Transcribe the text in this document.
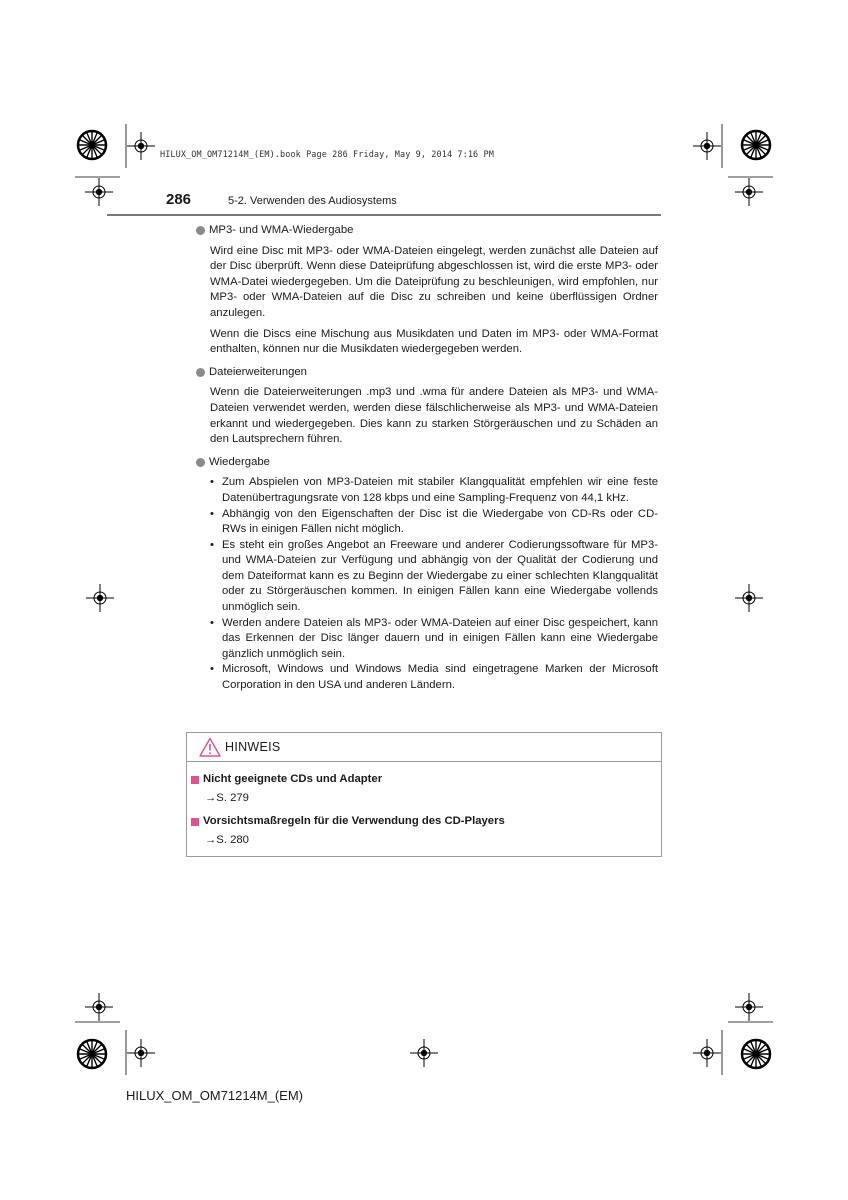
HILUX_OM_OM71214M_(EM).book Page 286 Friday, May 9, 2014 7:16 PM
286	5-2. Verwenden des Audiosystems
MP3- und WMA-Wiedergabe

Wird eine Disc mit MP3- oder WMA-Dateien eingelegt, werden zunächst alle Dateien auf der Disc überprüft. Wenn diese Dateiprüfung abgeschlossen ist, wird die erste MP3- oder WMA-Datei wiedergegeben. Um die Dateiprüfung zu beschleunigen, wird empfohlen, nur MP3- oder WMA-Dateien auf die Disc zu schreiben und keine überflüssigen Ordner anzulegen.

Wenn die Discs eine Mischung aus Musikdaten und Daten im MP3- oder WMA-Format enthalten, können nur die Musikdaten wiedergegeben werden.

Dateierweiterungen

Wenn die Dateierweiterungen .mp3 und .wma für andere Dateien als MP3- und WMA-Dateien verwendet werden, werden diese fälschlicherweise als MP3- und WMA-Dateien erkannt und wiedergegeben. Dies kann zu starken Störgeräuschen und zu Schäden an den Lautsprechern führen.

Wiedergabe
• Zum Abspielen von MP3-Dateien mit stabiler Klangqualität empfehlen wir eine feste Datenübertragungsrate von 128 kbps und eine Sampling-Frequenz von 44,1 kHz.
• Abhängig von den Eigenschaften der Disc ist die Wiedergabe von CD-Rs oder CD-RWs in einigen Fällen nicht möglich.
• Es steht ein großes Angebot an Freeware und anderer Codierungssoftware für MP3- und WMA-Dateien zur Verfügung und abhängig von der Qualität der Codierung und dem Dateiformat kann es zu Beginn der Wiedergabe zu einer schlechten Klangqualität oder zu Störgeräuschen kommen. In einigen Fällen kann eine Wiedergabe vollends unmöglich sein.
• Werden andere Dateien als MP3- oder WMA-Dateien auf einer Disc gespeichert, kann das Erkennen der Disc länger dauern und in einigen Fällen kann eine Wiedergabe gänzlich unmöglich sein.
• Microsoft, Windows und Windows Media sind eingetragene Marken der Microsoft Corporation in den USA und anderen Ländern.
HINWEIS
Nicht geeignete CDs und Adapter
→S. 279
Vorsichtsmaßregeln für die Verwendung des CD-Players
→S. 280
HILUX_OM_OM71214M_(EM)
